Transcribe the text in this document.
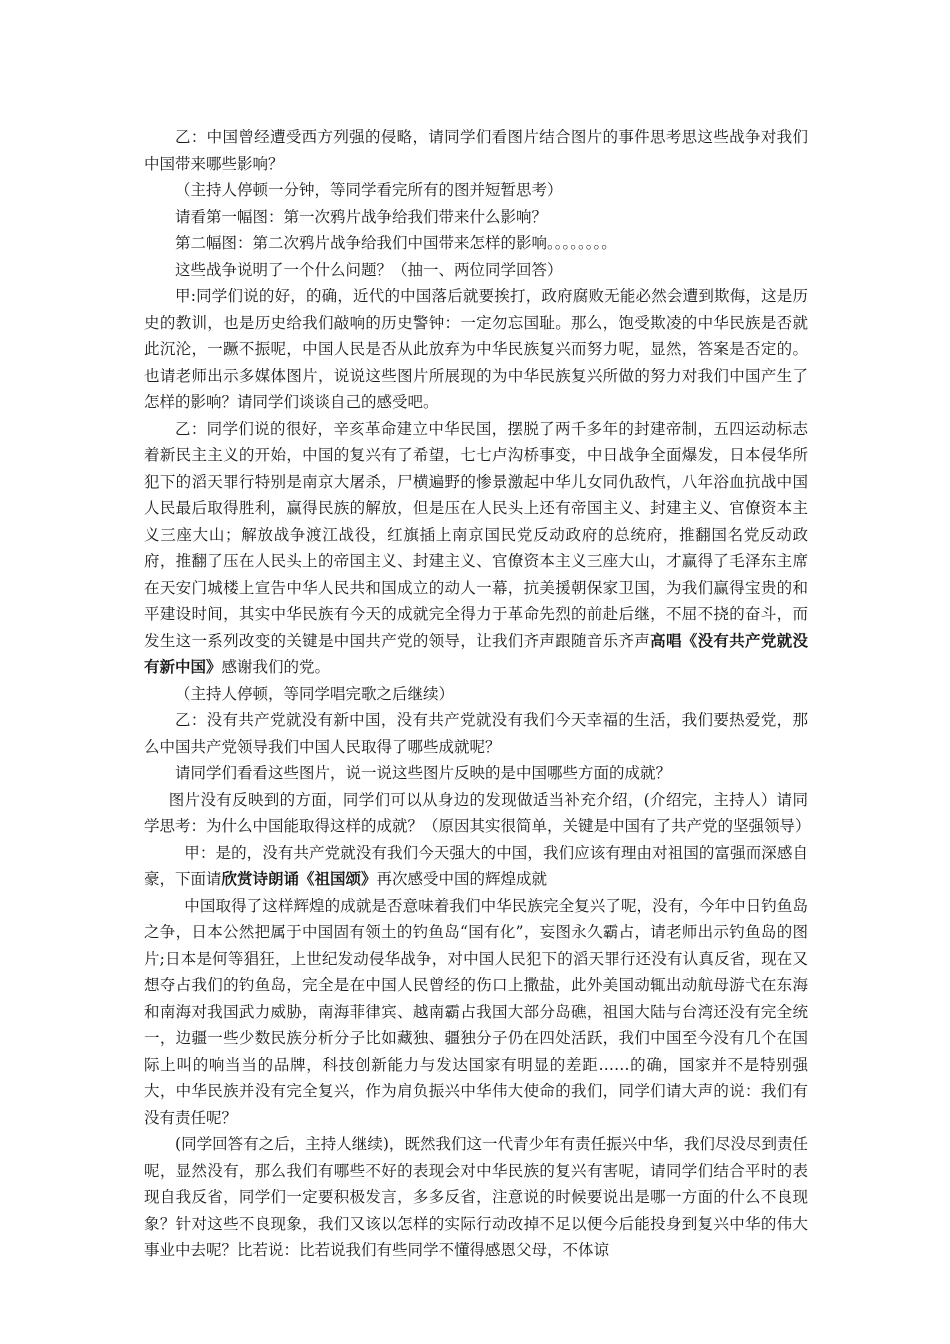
乙：中国曾经遭受西方列强的侵略，请同学们看图片结合图片的事件思考思这些战争对我们中国带来哪些影响？

（主持人停顿一分钟，等同学看完所有的图并短暂思考）

请看第一幅图：第一次鸦片战争给我们带来什么影响？

第二幅图：第二次鸦片战争给我们中国带来怎样的影响。。。。。。。。

这些战争说明了一个什么问题？（抽一、两位同学回答）

甲:同学们说的好，的确，近代的中国落后就要挨打，政府腐败无能必然会遭到欺侮，这是历史的教训，也是历史给我们敲响的历史警钟：一定勿忘国耻。那么，饱受欺凌的中华民族是否就此沉沦，一蹶不振呢，中国人民是否从此放弃为中华民族复兴而努力呢，显然，答案是否定的。也请老师出示多媒体图片，说说这些图片所展现的为中华民族复兴所做的努力对我们中国产生了怎样的影响？请同学们谈谈自己的感受吧。

乙：同学们说的很好，辛亥革命建立中华民国，摆脱了两千多年的封建帝制，五四运动标志着新民主主义的开始，中国的复兴有了希望，七七卢沟桥事变，中日战争全面爆发，日本侵华所犯下的滔天罪行特别是南京大屠杀，尸横遍野的惨景激起中华儿女同仇敌忾，八年浴血抗战中国人民最后取得胜利，赢得民族的解放，但是压在人民头上还有帝国主义、封建主义、官僚资本主义三座大山；解放战争渡江战役，红旗插上南京国民党反动政府的总统府，推翻国名党反动政府，推翻了压在人民头上的帝国主义、封建主义、官僚资本主义三座大山，才赢得了毛泽东主席在天安门城楼上宣告中华人民共和国成立的动人一幕，抗美援朝保家卫国，为我们赢得宝贵的和平建设时间，其实中华民族有今天的成就完全得力于革命先烈的前赴后继，不屈不挠的奋斗，而发生这一系列改变的关键是中国共产党的领导，让我们齐声跟随音乐齐声高唱《没有共产党就没有新中国》感谢我们的党。

（主持人停顿，等同学唱完歌之后继续）

乙：没有共产党就没有新中国，没有共产党就没有我们今天幸福的生活，我们要热爱党，那么中国共产党领导我们中国人民取得了哪些成就呢？

请同学们看看这些图片，说一说这些图片反映的是中国哪些方面的成就？

图片没有反映到的方面，同学们可以从身边的发现做适当补充介绍，(介绍完，主持人）请同学思考：为什么中国能取得这样的成就？（原因其实很简单，关键是中国有了共产党的坚强领导）

甲：是的，没有共产党就没有我们今天强大的中国，我们应该有理由对祖国的富强而深感自豪，下面请欣赏诗朗诵《祖国颂》再次感受中国的辉煌成就

中国取得了这样辉煌的成就是否意味着我们中华民族完全复兴了呢，没有，今年中日钓鱼岛之争，日本公然把属于中国固有领土的钓鱼岛“国有化”，妄图永久霸占，请老师出示钓鱼岛的图片;日本是何等猖狂，上世纪发动侵华战争，对中国人民犯下的滔天罪行还没有认真反省，现在又想夺占我们的钓鱼岛，完全是在中国人民曾经的伤口上撒盐，此外美国动辄出动航母游弋在东海和南海对我国武力威胁，南海菲律宾、越南霸占我国大部分岛礁，祖国大陆与台湾还没有完全统一，边疆一些少数民族分析分子比如藏独、疆独分子仍在四处活跃，我们中国至今没有几个在国际上叫的响当当的品牌，科技创新能力与发达国家有明显的差距……的确，国家并不是特别强大，中华民族并没有完全复兴，作为肩负振兴中华伟大使命的我们，同学们请大声的说：我们有没有责任呢？

(同学回答有之后，主持人继续)，既然我们这一代青少年有责任振兴中华，我们尽没尽到责任呢，显然没有，那么我们有哪些不好的表现会对中华民族的复兴有害呢，请同学们结合平时的表现自我反省，同学们一定要积极发言，多多反省，注意说的时候要说出是哪一方面的什么不良现象？针对这些不良现象，我们又该以怎样的实际行动改掉不足以便今后能投身到复兴中华的伟大事业中去呢？比若说：比若说我们有些同学不懂得感恩父母，不体谅
